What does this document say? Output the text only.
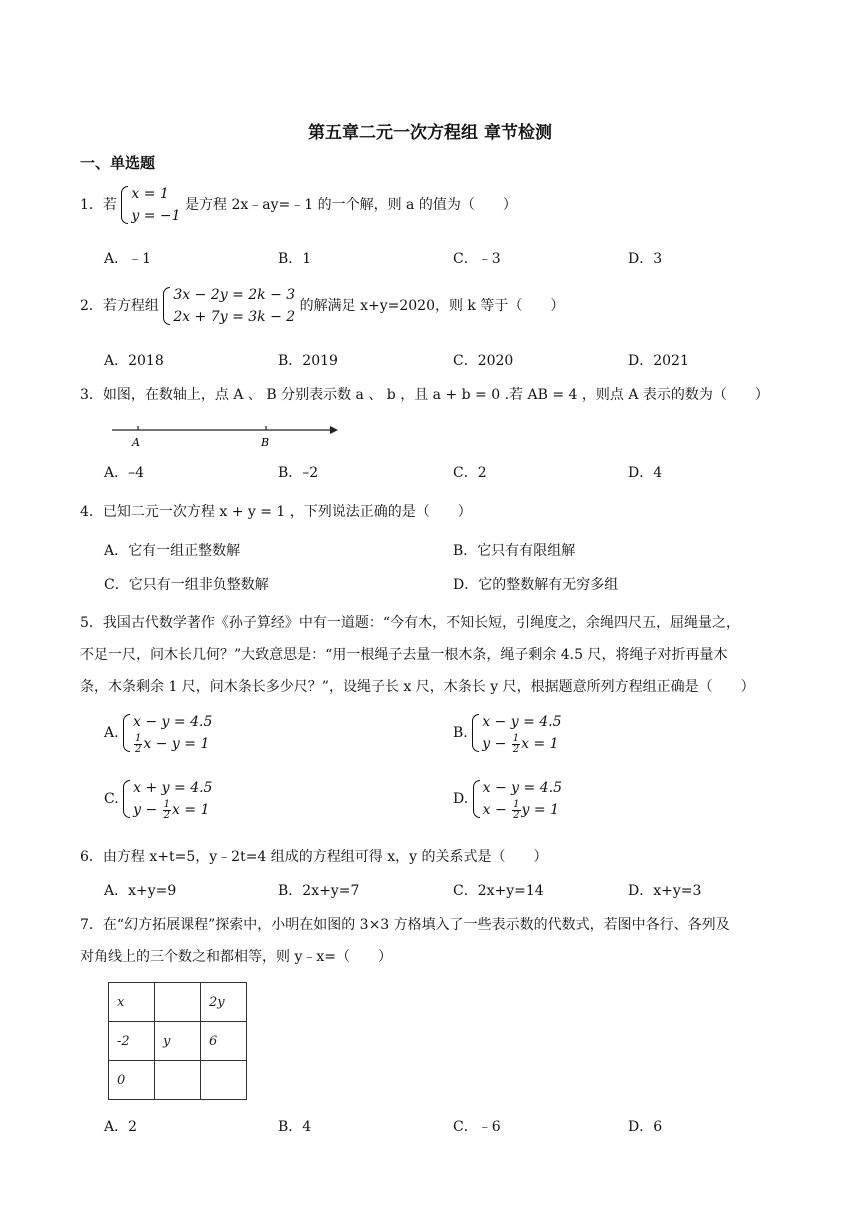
第五章二元一次方程组 章节检测
一、单选题
1．若
x = 1
y = −1
是方程 2x﹣ay=﹣1 的一个解，则 a 的值为（　　）
A．﹣1	B．1	C．﹣3	D．3
2．若方程组
3x − 2y = 2k − 3
2x + 7y = 3k − 2
的解满足 x+y=2020，则 k 等于（　　）
A．2018	B．2019	C．2020	D．2021
3．如图，在数轴上，点 A 、 B 分别表示数 a 、 b ，且 a + b = 0 .若 AB = 4 ，则点 A 表示的数为（　　）
A	B
A．–4	B．–2	C．2	D．4
4．已知二元一次方程 x + y = 1 ，下列说法正确的是（　　）
A．它有一组正整数解	B．它只有有限组解
C．它只有一组非负整数解	D．它的整数解有无穷多组
5．我国古代数学著作《孙子算经》中有一道题：“今有木，不知长短，引绳度之，余绳四尺五，屈绳量之，
不足一尺，问木长几何？”大致意思是：“用一根绳子去量一根木条，绳子剩余 4.5 尺，将绳子对折再量木
条，木条剩余 1 尺，问木条长多少尺？”，设绳子长 x 尺，木条长 y 尺，根据题意所列方程组正确是（　　）
A.
x − y = 4.5
$\frac{1}{2}$ x − y = 1
B.
x − y = 4.5
$y - \frac{1}{2}$ x = 1
C.
x + y = 4.5
$y - \frac{1}{2}$ x = 1
D.
x − y = 4.5
$x - \frac{1}{2}$ y = 1
6．由方程 x+t=5，y﹣2t=4 组成的方程组可得 x，y 的关系式是（　　）
A．x+y=9	B．2x+y=7	C．2x+y=14	D．x+y=3
7．在“幻方拓展课程”探索中，小明在如图的 3×3 方格填入了一些表示数的代数式，若图中各行、各列及
对角线上的三个数之和都相等，则 y﹣x=（　　）
x		2y
-2	y	6
0		
A．2	B．4	C．﹣6	D．6
